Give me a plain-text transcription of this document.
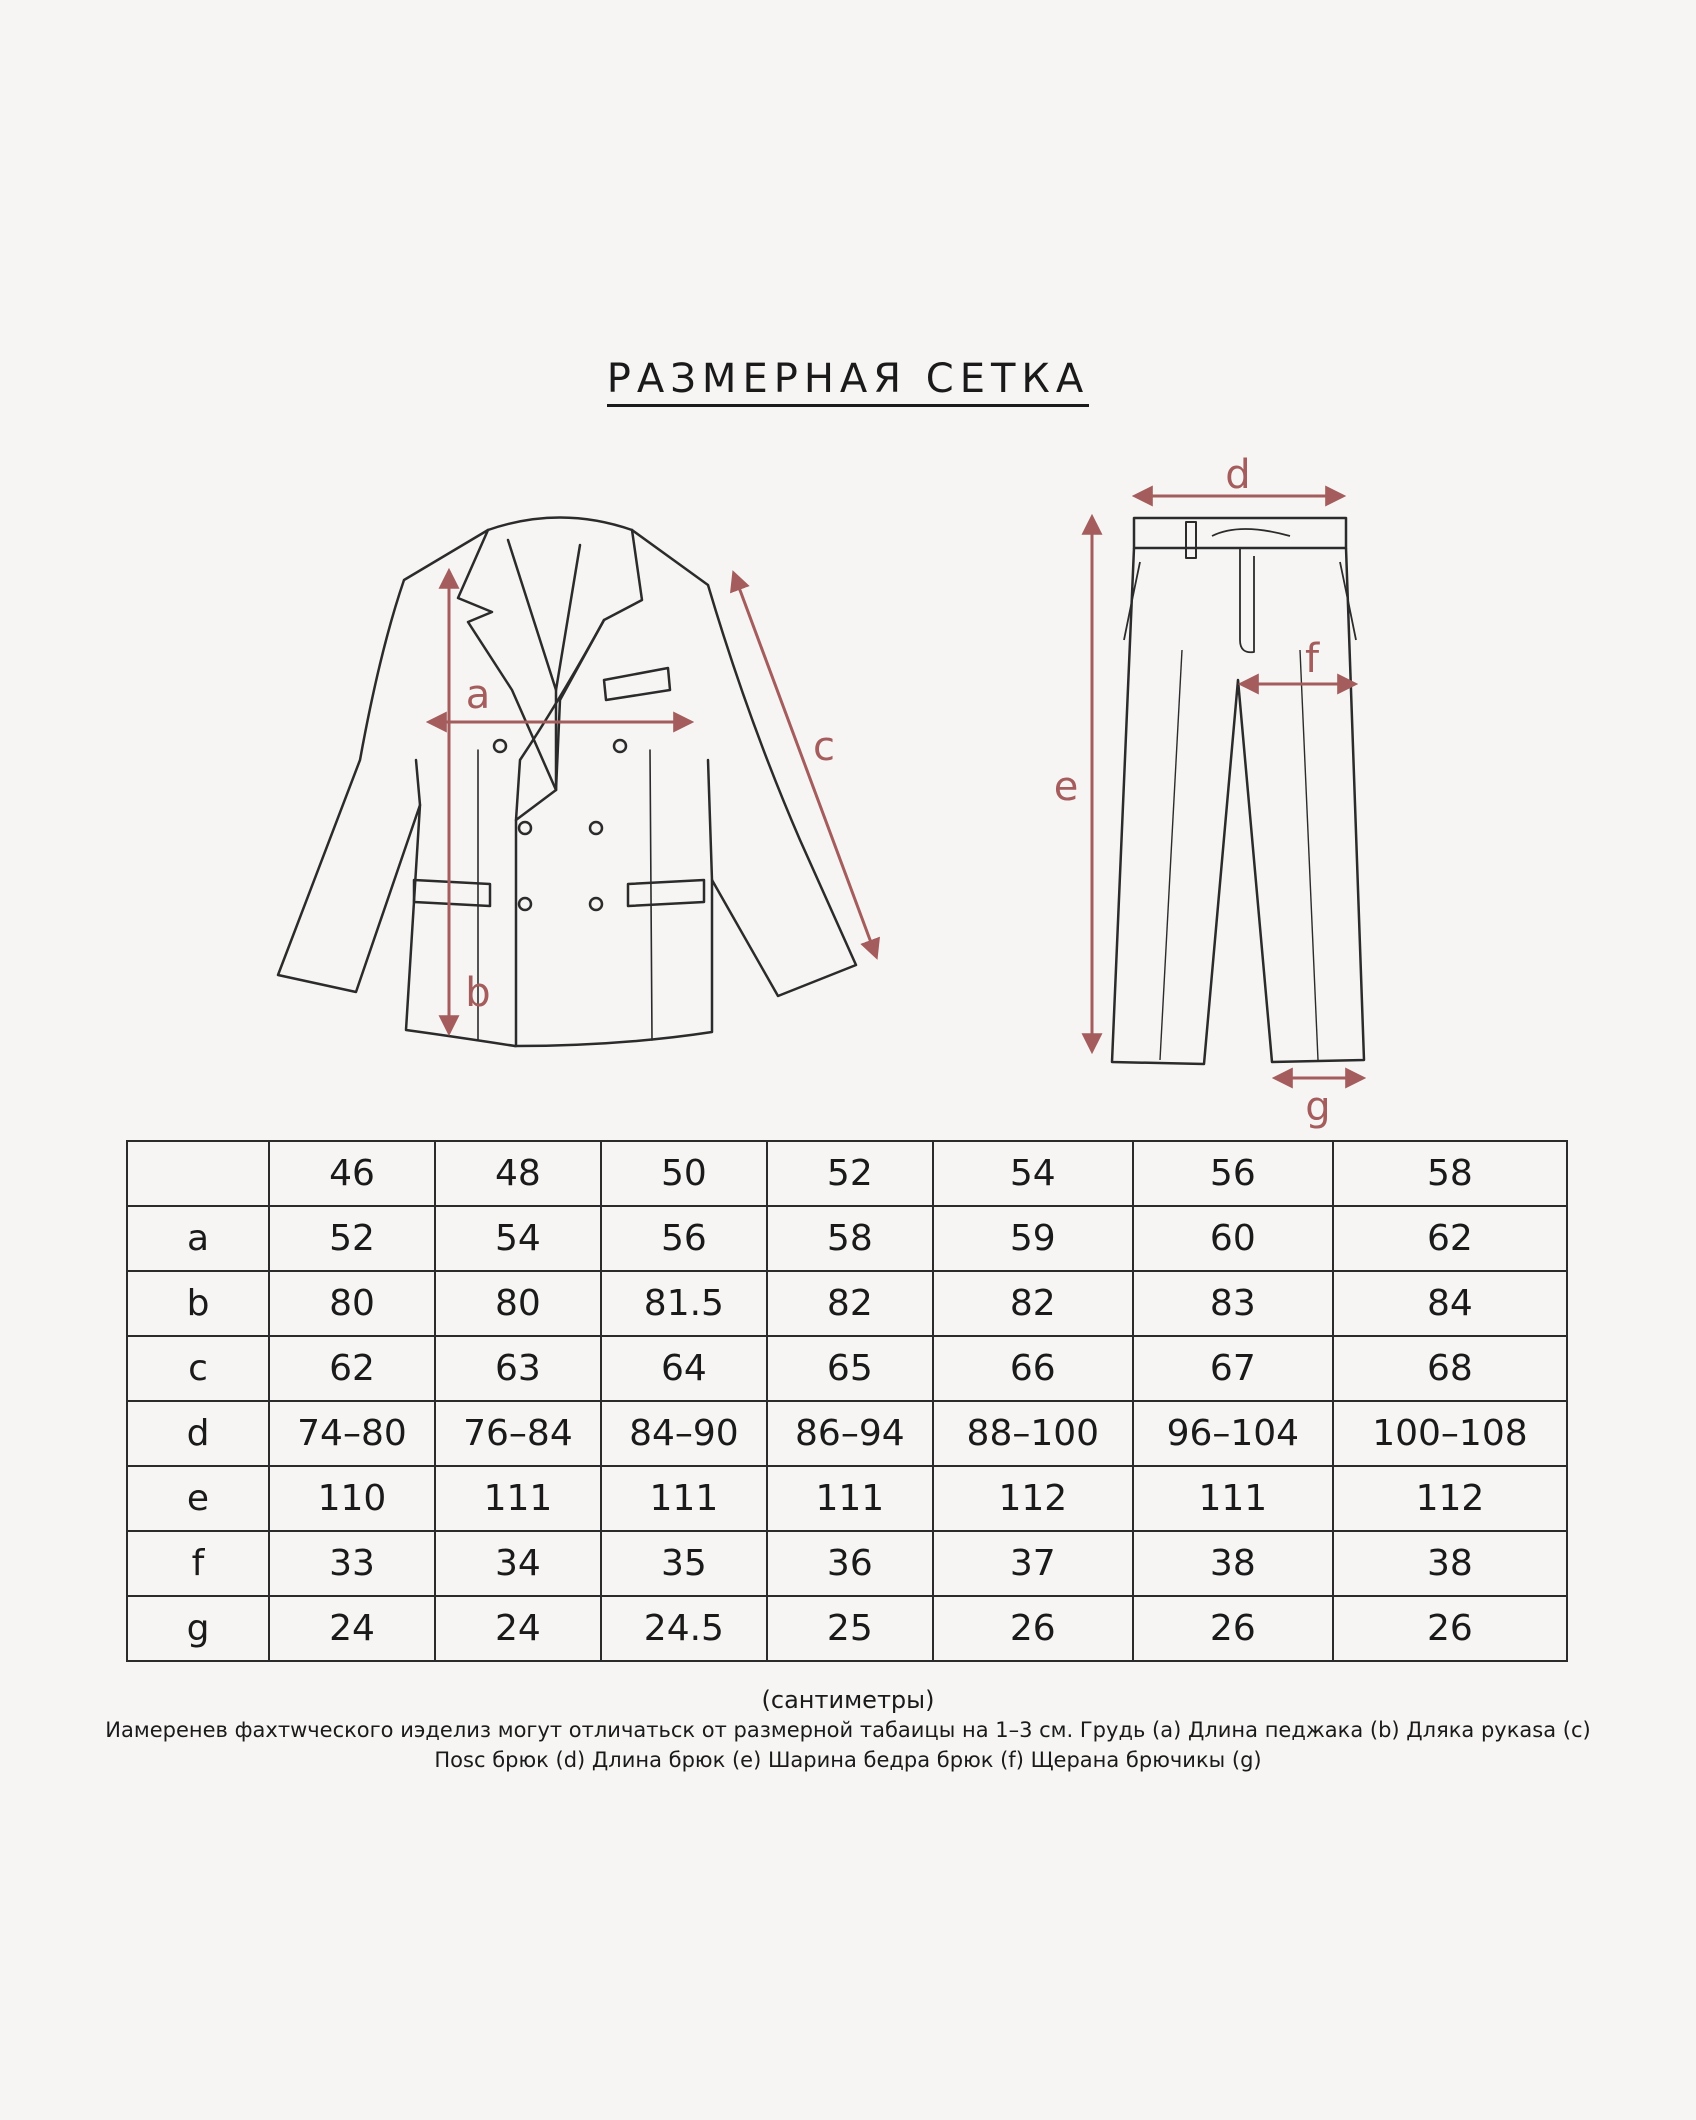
РАЗМЕРНАЯ СЕТКА
a
b
c
d
e
f
g
	46	48	50	52	54	56	58
a	52	54	56	58	59	60	62
b	80	80	81.5	82	82	83	84
c	62	63	64	65	66	67	68
d	74–80	76–84	84–90	86–94	88–100	96–104	100–108
e	110	111	111	111	112	111	112
f	33	34	35	36	37	38	38
g	24	24	24.5	25	26	26	26
(сантиметры)
Иамеренев фахтwческого иэделиз могут отличатьск от размерной табаицы на 1–3 см. Грудь (a) Длина педжака (b) Дляка рукаѕа (c)
Поѕс брюк (d) Длина брюк (e) Шарина бедра брюк (f) Щерана брючикы (g)
